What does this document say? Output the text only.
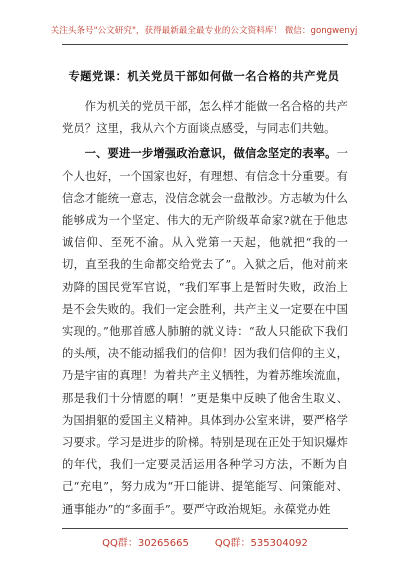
关注头条号"公文研究"，获得最新最全最专业的公文资料库！ 微信：gongwenyj
专题党课：机关党员干部如何做一名合格的共产党员

作为机关的党员干部，怎么样才能做一名合格的共产党员？这里，我从六个方面谈点感受，与同志们共勉。

一、要进一步增强政治意识，做信念坚定的表率。一个人也好，一个国家也好，有理想、有信念十分重要。有信念才能统一意志，没信念就会一盘散沙。方志敏为什么能够成为一个坚定、伟大的无产阶级革命家?就在于他忠诚信仰、至死不渝。从入党第一天起，他就把“我的一切，直至我的生命都交给党去了”。入狱之后，他对前来劝降的国民党军官说，“我们军事上是暂时失败，政治上是不会失败的。我们一定会胜利，共产主义一定要在中国实现的。”他那首感人肺腑的就义诗：“敌人只能砍下我们的头颅，决不能动摇我们的信仰！因为我们信仰的主义，乃是宇宙的真理！为着共产主义牺牲，为着苏维埃流血，那是我们十分情愿的啊！”更是集中反映了他舍生取义、为国捐躯的爱国主义精神。具体到办公室来讲，要严格学习要求。学习是进步的阶梯。特别是现在正处于知识爆炸的年代，我们一定要灵活运用各种学习方法，不断为自己“充电”，努力成为“开口能讲、提笔能写、问策能对、通事能办”的“多面手”。要严守政治规矩。永葆党办姓

QQ群：30265665	QQ群：535304092
